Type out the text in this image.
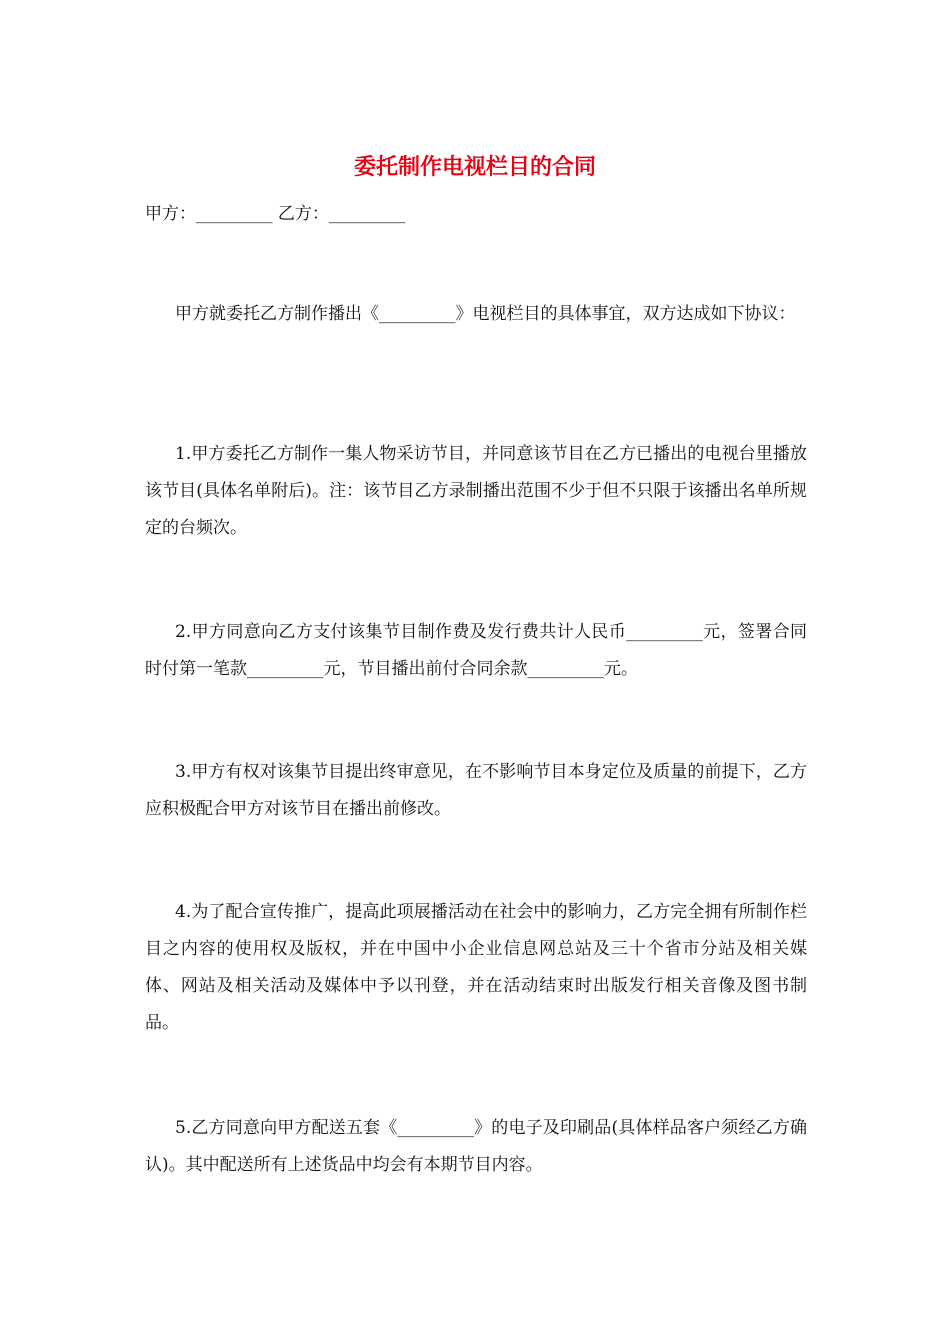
委托制作电视栏目的合同
甲方：_________ 乙方：_________

甲方就委托乙方制作播出《_________》电视栏目的具体事宜，双方达成如下协议：

1.甲方委托乙方制作一集人物采访节目，并同意该节目在乙方已播出的电视台里播放该节目(具体名单附后)。注：该节目乙方录制播出范围不少于但不只限于该播出名单所规定的台频次。

2.甲方同意向乙方支付该集节目制作费及发行费共计人民币_________元，签署合同时付第一笔款_________元，节目播出前付合同余款_________元。

3.甲方有权对该集节目提出终审意见，在不影响节目本身定位及质量的前提下，乙方应积极配合甲方对该节目在播出前修改。

4.为了配合宣传推广，提高此项展播活动在社会中的影响力，乙方完全拥有所制作栏目之内容的使用权及版权，并在中国中小企业信息网总站及三十个省市分站及相关媒体、网站及相关活动及媒体中予以刊登，并在活动结束时出版发行相关音像及图书制品。

5.乙方同意向甲方配送五套《_________》的电子及印刷品(具体样品客户须经乙方确认)。其中配送所有上述货品中均会有本期节目内容。
